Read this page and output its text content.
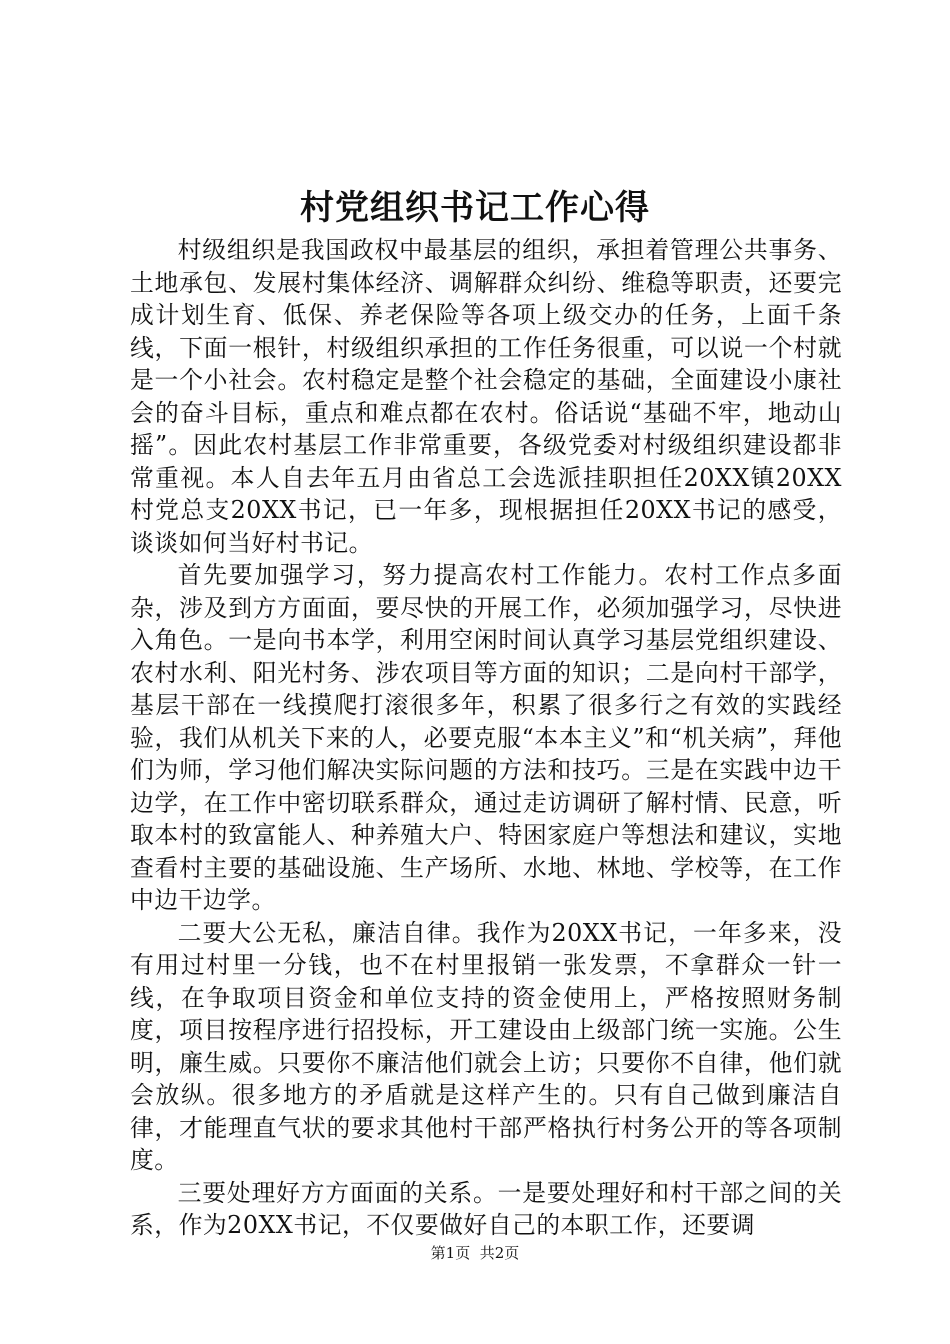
村党组织书记工作心得

村级组织是我国政权中最基层的组织，承担着管理公共事务、土地承包、发展村集体经济、调解群众纠纷、维稳等职责，还要完成计划生育、低保、养老保险等各项上级交办的任务，上面千条线，下面一根针，村级组织承担的工作任务很重，可以说一个村就是一个小社会。农村稳定是整个社会稳定的基础，全面建设小康社会的奋斗目标，重点和难点都在农村。俗话说“基础不牢，地动山摇”。因此农村基层工作非常重要，各级党委对村级组织建设都非常重视。本人自去年五月由省总工会选派挂职担任20XX镇20XX村党总支20XX书记，已一年多，现根据担任20XX书记的感受，谈谈如何当好村书记。

首先要加强学习，努力提高农村工作能力。农村工作点多面杂，涉及到方方面面，要尽快的开展工作，必须加强学习，尽快进入角色。一是向书本学，利用空闲时间认真学习基层党组织建设、农村水利、阳光村务、涉农项目等方面的知识；二是向村干部学，基层干部在一线摸爬打滚很多年，积累了很多行之有效的实践经验，我们从机关下来的人，必要克服“本本主义”和“机关病”，拜他们为师，学习他们解决实际问题的方法和技巧。三是在实践中边干边学，在工作中密切联系群众，通过走访调研了解村情、民意，听取本村的致富能人、种养殖大户、特困家庭户等想法和建议，实地查看村主要的基础设施、生产场所、水地、林地、学校等，在工作中边干边学。

二要大公无私，廉洁自律。我作为20XX书记，一年多来，没有用过村里一分钱，也不在村里报销一张发票，不拿群众一针一线，在争取项目资金和单位支持的资金使用上，严格按照财务制度，项目按程序进行招投标，开工建设由上级部门统一实施。公生明，廉生威。只要你不廉洁他们就会上访；只要你不自律，他们就会放纵。很多地方的矛盾就是这样产生的。只有自己做到廉洁自律，才能理直气状的要求其他村干部严格执行村务公开的等各项制度。

三要处理好方方面面的关系。一是要处理好和村干部之间的关系，作为20XX书记，不仅要做好自己的本职工作，还要调

第1页 共2页
